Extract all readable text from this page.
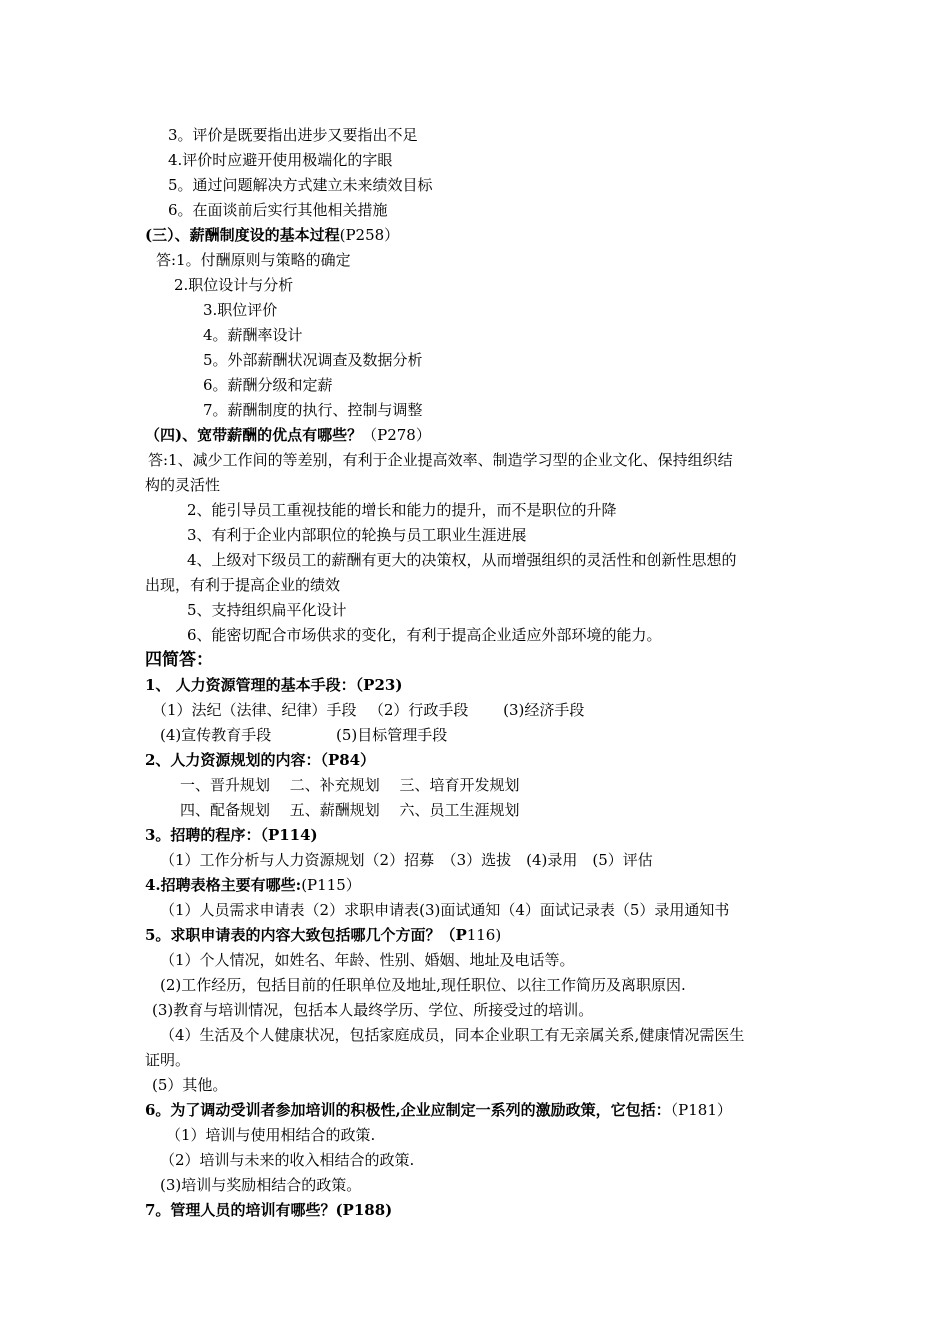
3。评价是既要指出进步又要指出不足
4.评价时应避开使用极端化的字眼
5。通过问题解决方式建立未来绩效目标
6。在面谈前后实行其他相关措施
(三）、薪酬制度设的基本过程(P258）
答:1。付酬原则与策略的确定
2.职位设计与分析
3.职位评价
4。薪酬率设计
5。外部薪酬状况调查及数据分析
6。薪酬分级和定薪
7。薪酬制度的执行、控制与调整
（四)、宽带薪酬的优点有哪些？（P278）
答:1、减少工作间的等差别，有利于企业提高效率、制造学习型的企业文化、保持组织结
构的灵活性
2、能引导员工重视技能的增长和能力的提升，而不是职位的升降
3、有利于企业内部职位的轮换与员工职业生涯进展
4、上级对下级员工的薪酬有更大的决策权，从而增强组织的灵活性和创新性思想的
出现，有利于提高企业的绩效
5、支持组织扁平化设计
6、能密切配合市场供求的变化，有利于提高企业适应外部环境的能力。
四简答：
1、 人力资源管理的基本手段：（P23)
（1）法纪（法律、纪律）手段 　（2）行政手段　 　(3)经济手段
(4)宣传教育手段　　　　 (5)目标管理手段
2、人力资源规划的内容：（P84）
一、晋升规划　 二、补充规划　 三、培育开发规划
四、配备规划　 五、薪酬规划　 六、员工生涯规划
3。招聘的程序：（P114)
（1）工作分析与人力资源规划（2）招募　（3）选拔　(4)录用　(5）评估
4.招聘表格主要有哪些:(P115）
（1）人员需求申请表（2）求职申请表(3)面试通知（4）面试记录表（5）录用通知书
5。求职申请表的内容大致包括哪几个方面？（P116)
（1）个人情况，如姓名、年龄、性别、婚姻、地址及电话等。
(2)工作经历，包括目前的任职单位及地址,现任职位、以往工作简历及离职原因.
(3)教育与培训情况，包括本人最终学历、学位、所接受过的培训。
（4）生活及个人健康状况，包括家庭成员，同本企业职工有无亲属关系,健康情况需医生
证明。
(5）其他。
6。为了调动受训者参加培训的积极性,企业应制定一系列的激励政策，它包括：（P181）
（1）培训与使用相结合的政策.
（2）培训与未来的收入相结合的政策.
(3)培训与奖励相结合的政策。
7。管理人员的培训有哪些？(P188)
